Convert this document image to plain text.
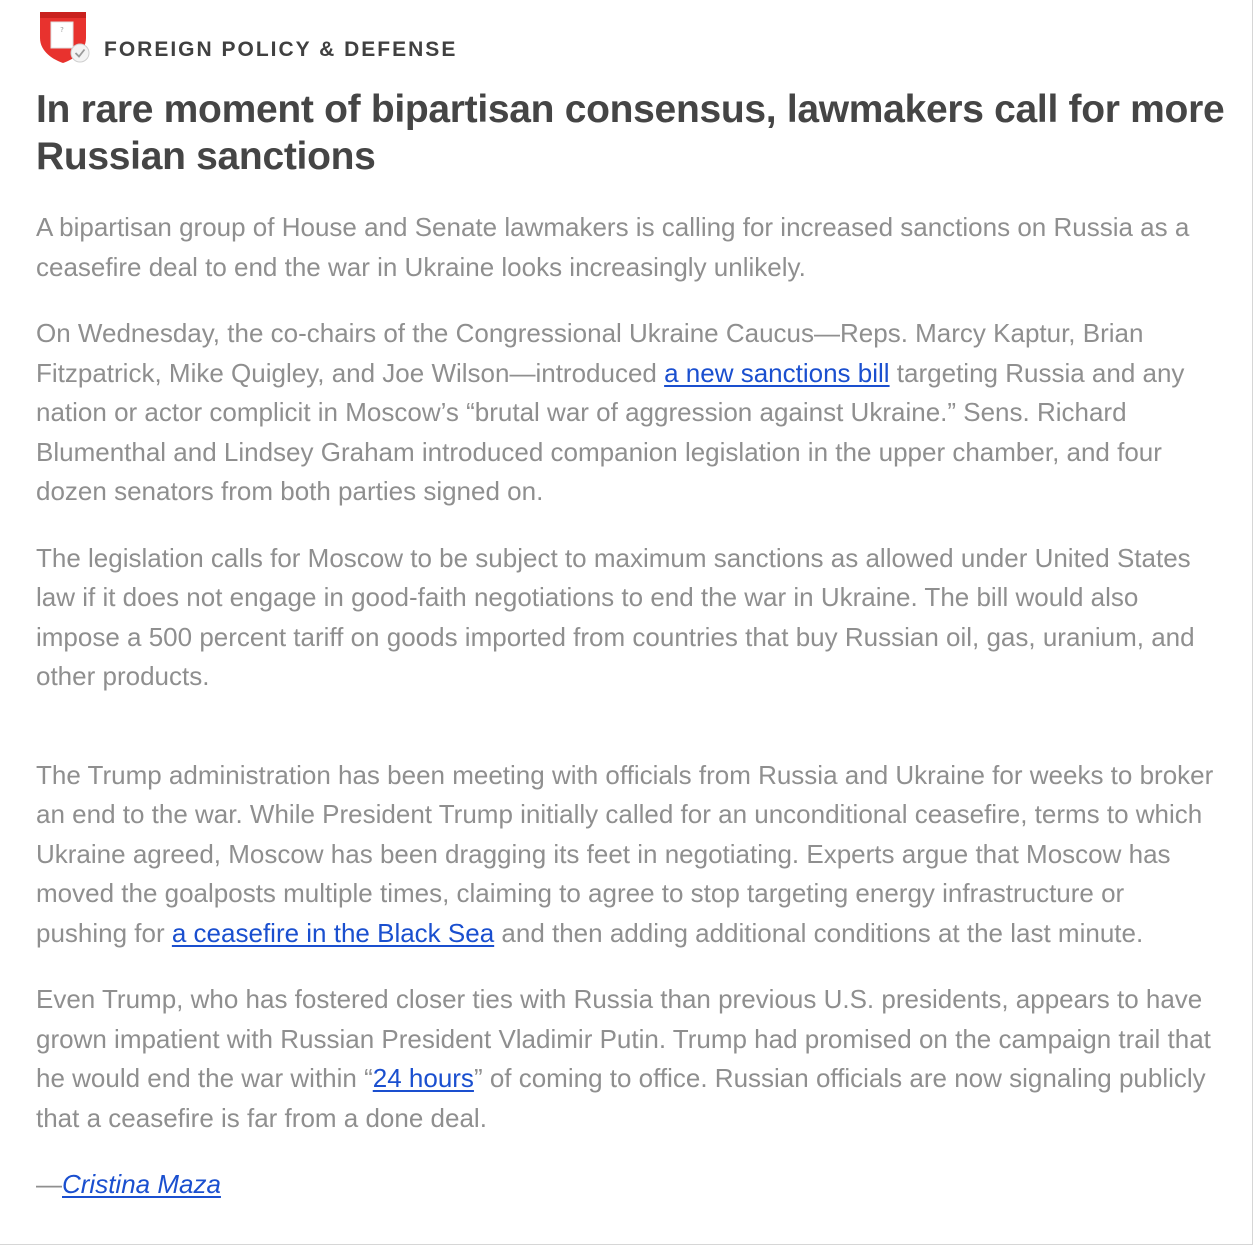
?
FOREIGN POLICY & DEFENSE
In rare moment of bipartisan consensus, lawmakers call for more Russian sanctions

A bipartisan group of House and Senate lawmakers is calling for increased sanctions on Russia as a ceasefire deal to end the war in Ukraine looks increasingly unlikely.

On Wednesday, the co-chairs of the Congressional Ukraine Caucus—Reps. Marcy Kaptur, Brian Fitzpatrick, Mike Quigley, and Joe Wilson—introduced a new sanctions bill targeting Russia and any nation or actor complicit in Moscow’s “brutal war of aggression against Ukraine.” Sens. Richard Blumenthal and Lindsey Graham introduced companion legislation in the upper chamber, and four dozen senators from both parties signed on.

The legislation calls for Moscow to be subject to maximum sanctions as allowed under United States law if it does not engage in good-faith negotiations to end the war in Ukraine. The bill would also impose a 500 percent tariff on goods imported from countries that buy Russian oil, gas, uranium, and other products.

The Trump administration has been meeting with officials from Russia and Ukraine for weeks to broker an end to the war. While President Trump initially called for an unconditional ceasefire, terms to which Ukraine agreed, Moscow has been dragging its feet in negotiating. Experts argue that Moscow has moved the goalposts multiple times, claiming to agree to stop targeting energy infrastructure or pushing for a ceasefire in the Black Sea and then adding additional conditions at the last minute.

Even Trump, who has fostered closer ties with Russia than previous U.S. presidents, appears to have grown impatient with Russian President Vladimir Putin. Trump had promised on the campaign trail that he would end the war within “24 hours” of coming to office. Russian officials are now signaling publicly that a ceasefire is far from a done deal.

—Cristina Maza
